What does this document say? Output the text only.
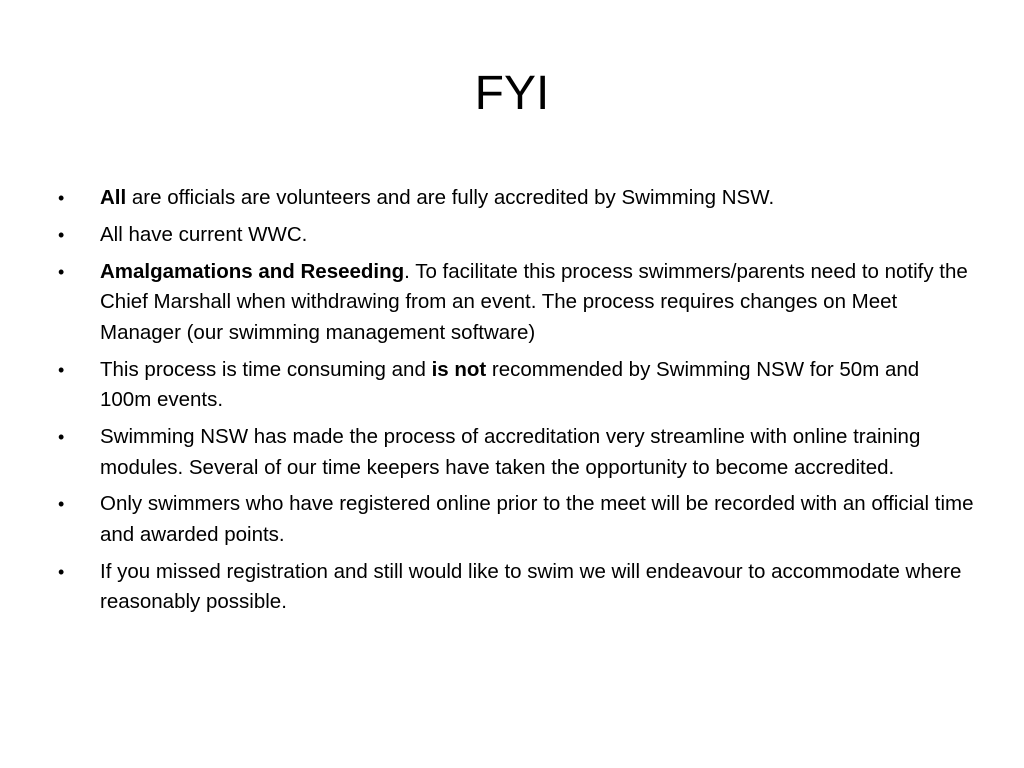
FYI
•	All are officials are volunteers and are fully accredited by Swimming NSW.
•	All have current WWC.
•	Amalgamations and Reseeding. To facilitate this process swimmers/parents need to notify the Chief Marshall when withdrawing from an event. The process requires changes on Meet Manager (our swimming management software)
•	This process is time consuming and is not recommended by Swimming NSW for 50m and 100m events.
•	Swimming NSW has made the process of accreditation very streamline with online training modules. Several of our time keepers have taken the opportunity to become accredited.
•	Only swimmers who have registered online prior to the meet will be recorded with an official time and awarded points.
•	If you missed registration and still would like to swim we will endeavour to accommodate where reasonably possible.
